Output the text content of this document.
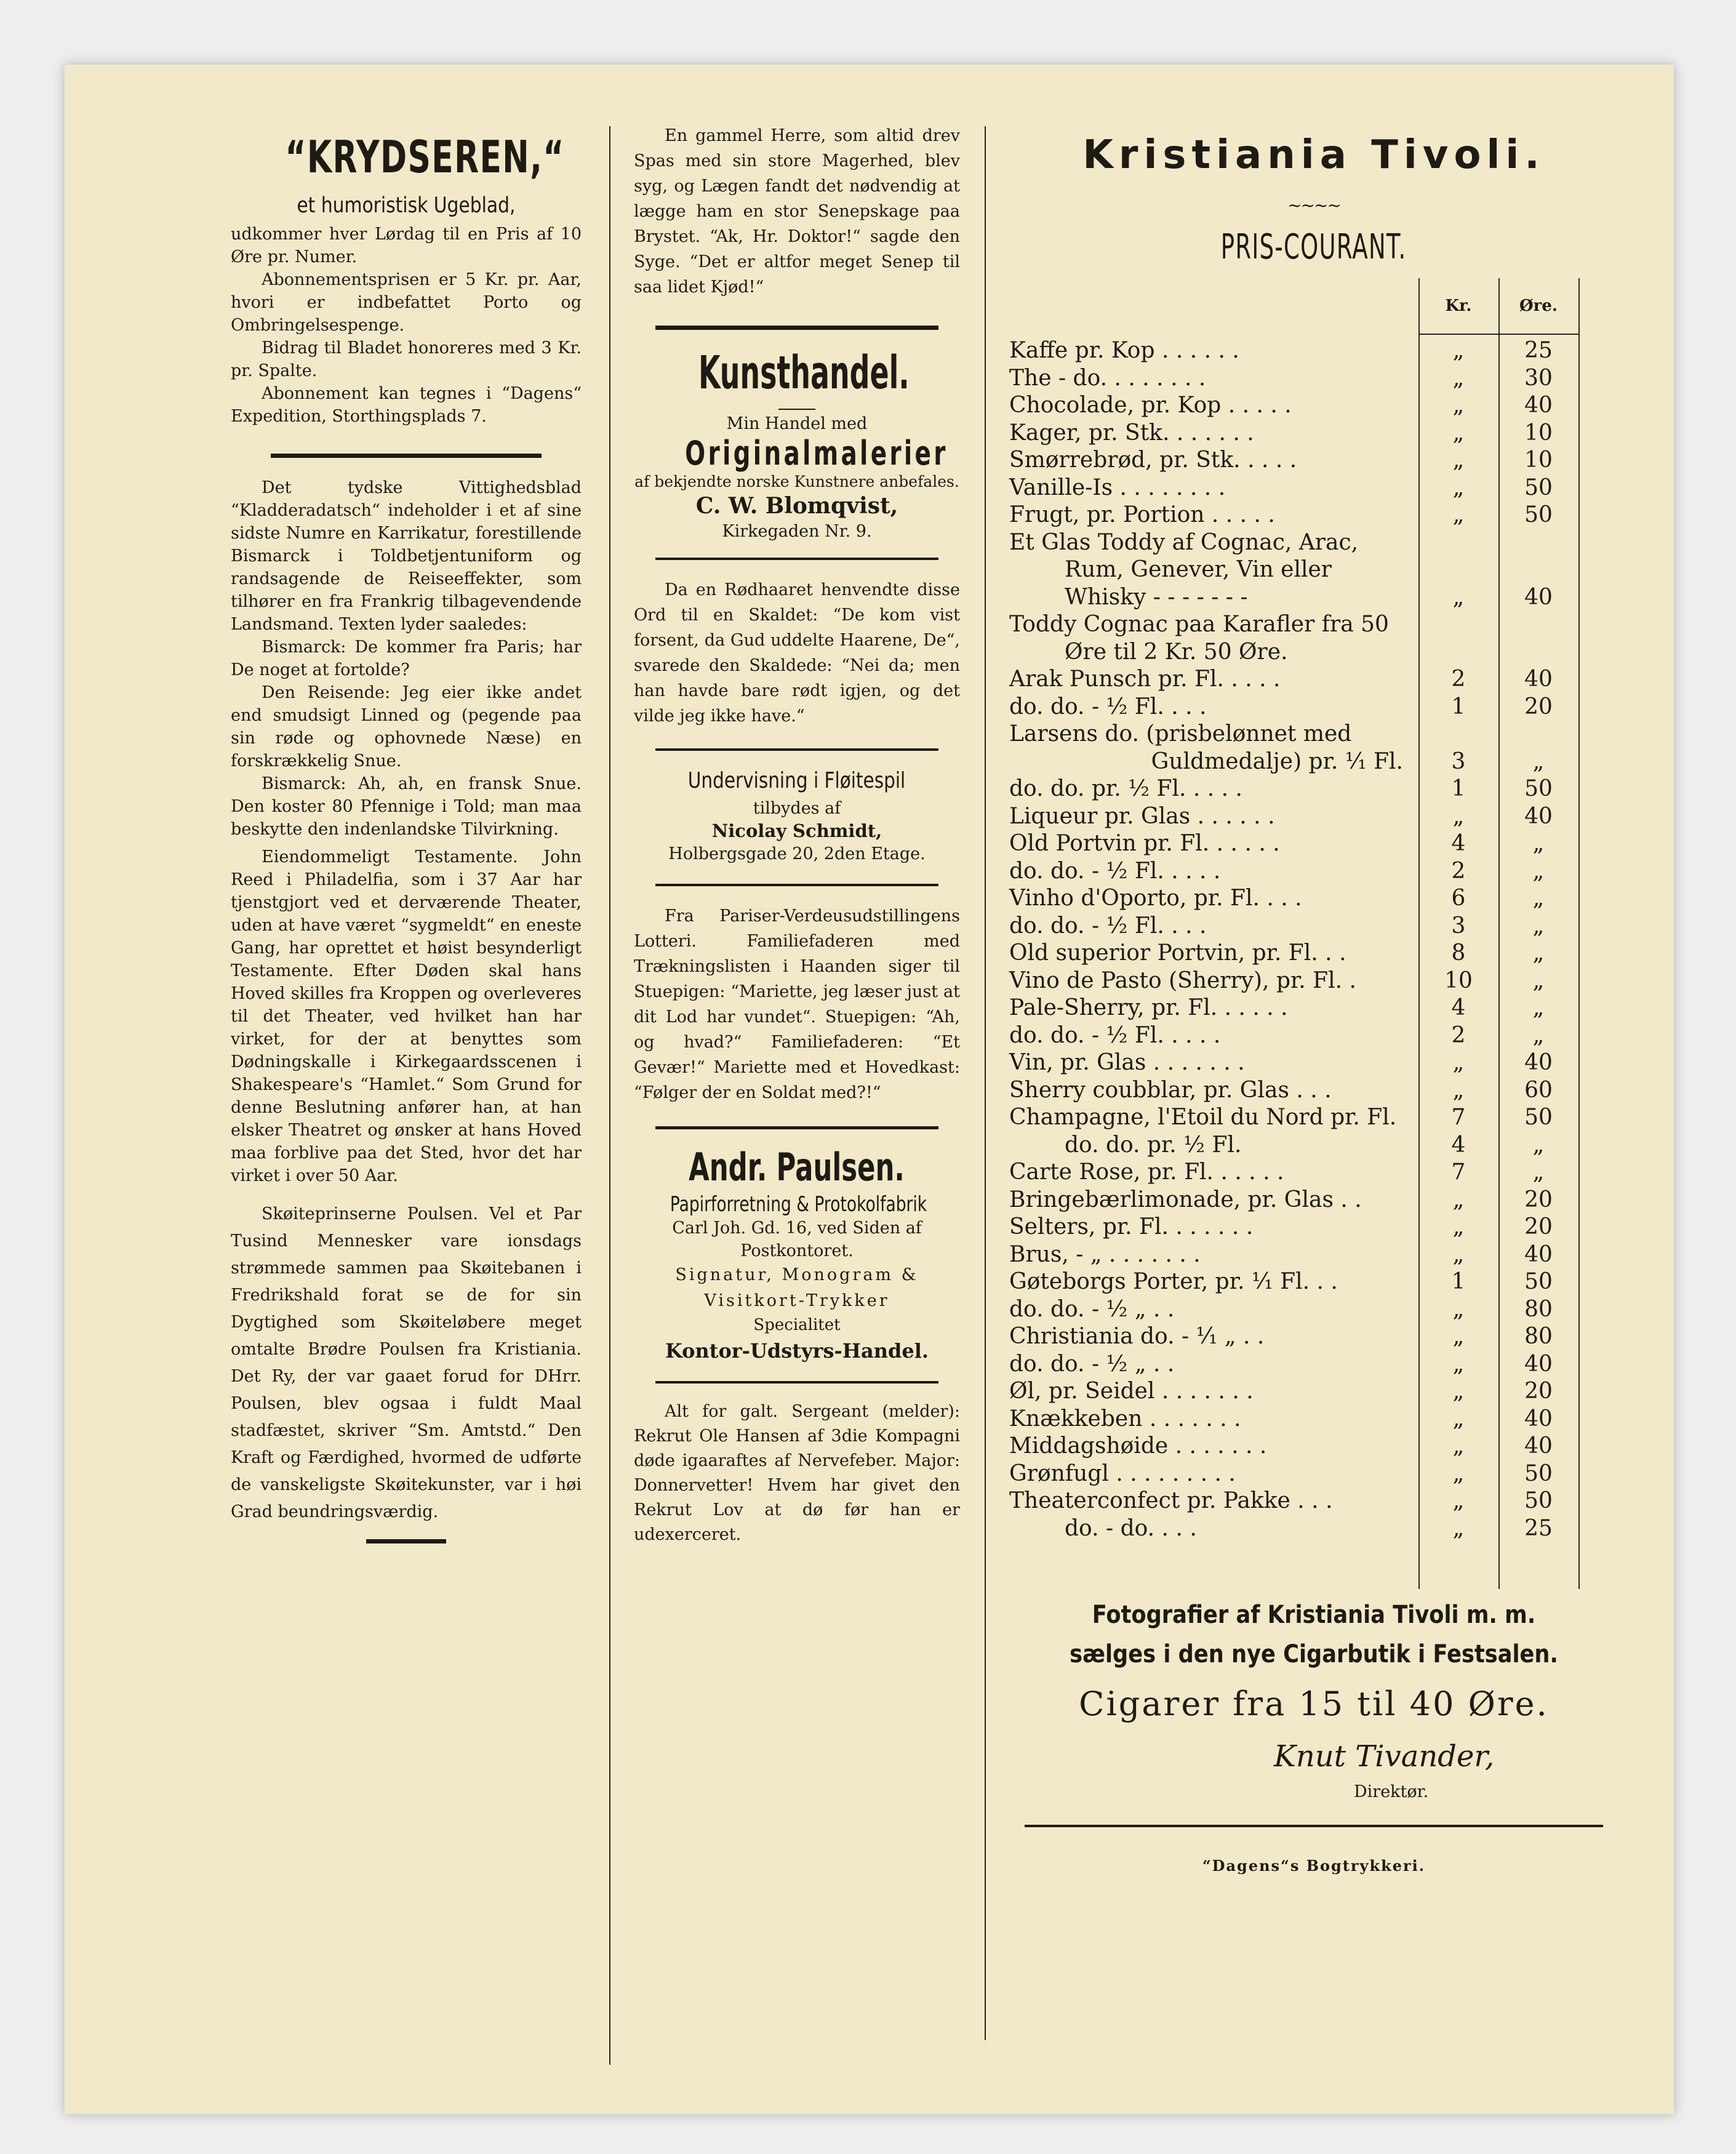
“KRYDSEREN,“
et humoristisk Ugeblad,

udkommer hver Lørdag til en Pris af 10 Øre pr. Numer.

Abonnementsprisen er 5 Kr. pr. Aar, hvori er indbefattet Porto og Ombringelsespenge.

Bidrag til Bladet honoreres med 3 Kr. pr. Spalte.

Abonnement kan tegnes i “Dagens“ Expedition, Storthingsplads 7.

Det tydske Vittighedsblad “Kladderadatsch“ indeholder i et af sine sidste Numre en Karrikatur, forestillende Bismarck i Toldbetjentuniform og randsagende de Reiseeffekter, som tilhører en fra Frankrig tilbagevendende Landsmand. Texten lyder saaledes:

Bismarck: De kommer fra Paris; har De noget at fortolde?

Den Reisende: Jeg eier ikke andet end smudsigt Linned og (pegende paa sin røde og ophovnede Næse) en forskrækkelig Snue.

Bismarck: Ah, ah, en fransk Snue. Den koster 80 Pfennige i Told; man maa beskytte den indenlandske Tilvirkning.

Eiendommeligt Testamente. John Reed i Philadelfia, som i 37 Aar har tjenstgjort ved et derværende Theater, uden at have været “sygmeldt“ en eneste Gang, har oprettet et høist besynderligt Testamente. Efter Døden skal hans Hoved skilles fra Kroppen og overleveres til det Theater, ved hvilket han har virket, for der at benyttes som Dødningskalle i Kirkegaardsscenen i Shakespeare's “Hamlet.“ Som Grund for denne Beslutning anfører han, at han elsker Theatret og ønsker at hans Hoved maa forblive paa det Sted, hvor det har virket i over 50 Aar.

Skøiteprinserne Poulsen. Vel et Par Tusind Mennesker vare ionsdags strømmede sammen paa Skøitebanen i Fredrikshald forat se de for sin Dygtighed som Skøiteløbere meget omtalte Brødre Poulsen fra Kristiania. Det Ry, der var gaaet forud for DHrr. Poulsen, blev ogsaa i fuldt Maal stadfæstet, skriver “Sm. Amtstd.“ Den Kraft og Færdighed, hvormed de udførte de vanskeligste Skøitekunster, var i høi Grad beundringsværdig.

En gammel Herre, som altid drev Spas med sin store Magerhed, blev syg, og Lægen fandt det nødvendig at lægge ham en stor Senepskage paa Brystet. “Ak, Hr. Doktor!“ sagde den Syge. “Det er altfor meget Senep til saa lidet Kjød!“

Kunsthandel.

Min Handel med

Originalmalerier

af bekjendte norske Kunstnere anbefales.

C. W. Blomqvist,

Kirkegaden Nr. 9.

Da en Rødhaaret henvendte disse Ord til en Skaldet: “De kom vist forsent, da Gud uddelte Haarene, De“, svarede den Skaldede: “Nei da; men han havde bare rødt igjen, og det vilde jeg ikke have.“

Undervisning i Fløitespil

tilbydes af

Nicolay Schmidt,

Holbergsgade 20, 2den Etage.

Fra Pariser-Verdeusudstillingens Lotteri. Familiefaderen med Trækningslisten i Haanden siger til Stuepigen: “Mariette, jeg læser just at dit Lod har vundet“. Stuepigen: “Ah, og hvad?“ Familiefaderen: “Et Gevær!“ Mariette med et Hovedkast: “Følger der en Soldat med?!“

Andr. Paulsen.
Papirforretning & Protokolfabrik

Carl Joh. Gd. 16, ved Siden af Postkontoret.

Signatur, Monogram & Visitkort-Trykker

Specialitet

Kontor-Udstyrs-Handel.

Alt for galt. Sergeant (melder): Rekrut Ole Hansen af 3die Kompagni døde igaaraftes af Nervefeber. Major: Donnervetter! Hvem har givet den Rekrut Lov at dø før han er udexerceret.

Kristiania Tivoli.
~~~~
PRIS-COURANT.
Kr.	Øre.
Kaffe pr. Kop . . . . . .	„	25
The - do. . . . . . . .	„	30
Chocolade, pr. Kop . . . . .	„	40
Kager, pr. Stk. . . . . . .	„	10
Smørrebrød, pr. Stk. . . . .	„	10
Vanille-Is . . . . . . . .	„	50
Frugt, pr. Portion . . . . .	„	50
Et Glas Toddy af Cognac, Arac,
Rum, Genever, Vin eller
Whisky - - - - - - -	„	40
Toddy Cognac paa Karafler fra 50
Øre til 2 Kr. 50 Øre.
Arak Punsch pr. Fl. . . . .	2	40
do. do. - ½ Fl. . . .	1	20
Larsens do. (prisbelønnet med
Guldmedalje) pr. ⅟₁ Fl.	3	„
do. do. pr. ½ Fl. . . . .	1	50
Liqueur pr. Glas . . . . . .	„	40
Old Portvin pr. Fl. . . . . .	4	„
do. do. - ½ Fl. . . . .	2	„
Vinho d'Oporto, pr. Fl. . . .	6	„
do. do. - ½ Fl. . . .	3	„
Old superior Portvin, pr. Fl. . .	8	„
Vino de Pasto (Sherry), pr. Fl. .	10	„
Pale-Sherry, pr. Fl. . . . . .	4	„
do. do. - ½ Fl. . . . .	2	„
Vin, pr. Glas . . . . . . .	„	40
Sherry coubblar, pr. Glas . . .	„	60
Champagne, l'Etoil du Nord pr. Fl.	7	50
do. do. pr. ½ Fl.	4	„
Carte Rose, pr. Fl. . . . . .	7	„
Bringebærlimonade, pr. Glas . .	„	20
Selters, pr. Fl. . . . . . .	„	20
Brus, - „ . . . . . . .	„	40
Gøteborgs Porter, pr. ⅟₁ Fl. . .	1	50
do. do. - ½ „ . .	„	80
Christiania do. - ⅟₁ „ . .	„	80
do. do. - ½ „ . .	„	40
Øl, pr. Seidel . . . . . . .	„	20
Knækkeben . . . . . . .	„	40
Middagshøide . . . . . . .	„	40
Grønfugl . . . . . . . . .	„	50
Theaterconfect pr. Pakke . . .	„	50
do. - do. . . .	„	25
Fotografier af Kristiania Tivoli m. m. sælges i den nye Cigarbutik i Festsalen.
Cigarer fra 15 til 40 Øre.
Knut Tivander,
Direktør.
“Dagens“s Bogtrykkeri.
